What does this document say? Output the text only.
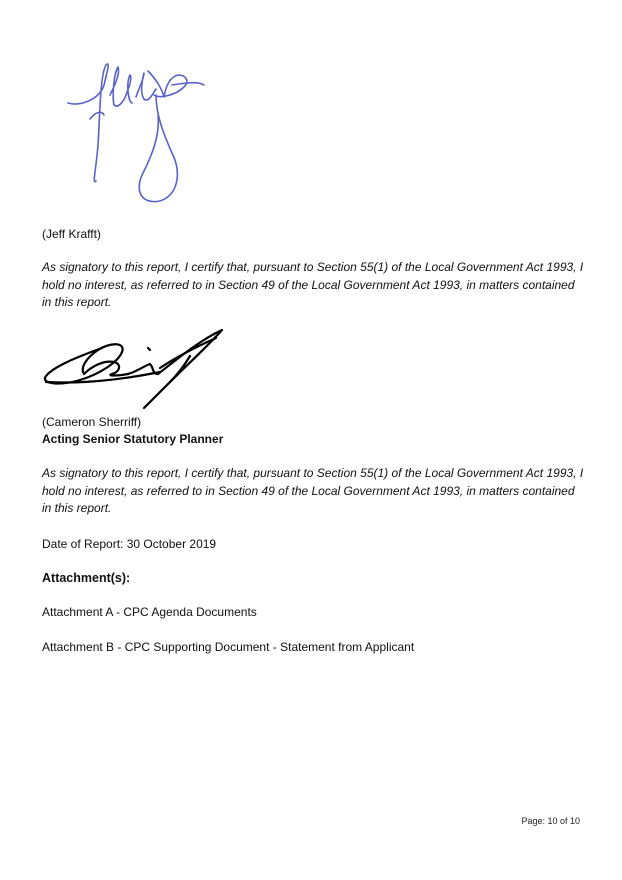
(Jeff Krafft)
As signatory to this report, I certify that, pursuant to Section 55(1) of the Local Government Act 1993, I hold no interest, as referred to in Section 49 of the Local Government Act 1993, in matters contained in this report.
(Cameron Sherriff)
Acting Senior Statutory Planner
As signatory to this report, I certify that, pursuant to Section 55(1) of the Local Government Act 1993, I hold no interest, as referred to in Section 49 of the Local Government Act 1993, in matters contained in this report.
Date of Report: 30 October 2019
Attachment(s):
Attachment A - CPC Agenda Documents
Attachment B - CPC Supporting Document - Statement from Applicant
Page: 10 of 10
